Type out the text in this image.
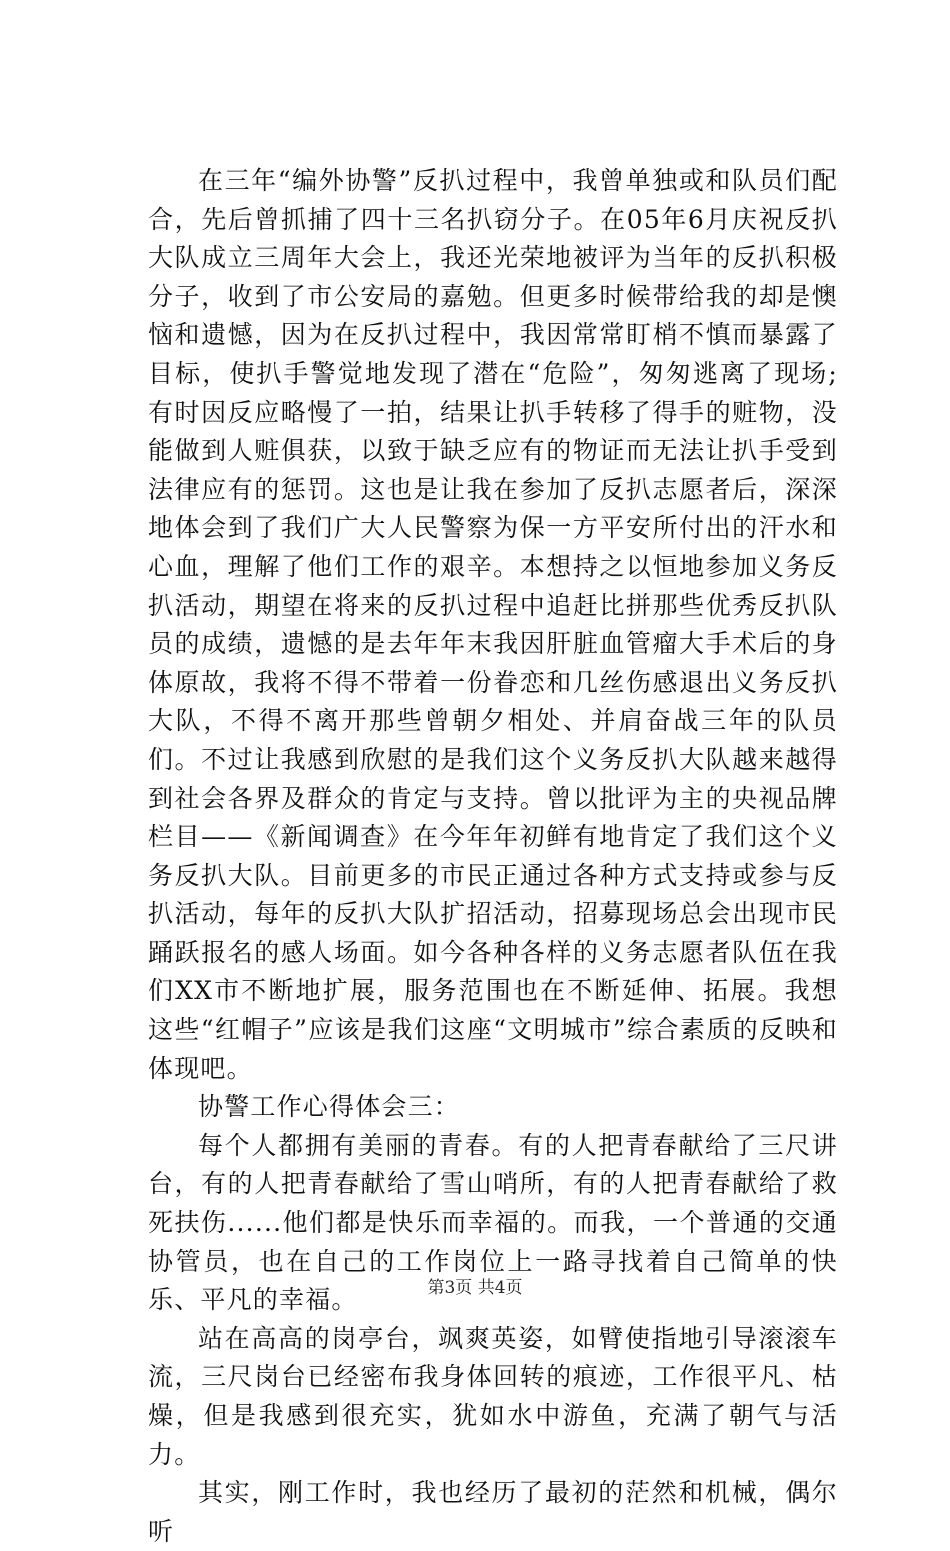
在三年“编外协警”反扒过程中，我曾单独或和队员们配合，先后曾抓捕了四十三名扒窃分子。在05年6月庆祝反扒大队成立三周年大会上，我还光荣地被评为当年的反扒积极分子，收到了市公安局的嘉勉。但更多时候带给我的却是懊恼和遗憾，因为在反扒过程中，我因常常盯梢不慎而暴露了目标，使扒手警觉地发现了潜在“危险”，匆匆逃离了现场;有时因反应略慢了一拍，结果让扒手转移了得手的赃物，没能做到人赃俱获，以致于缺乏应有的物证而无法让扒手受到法律应有的惩罚。这也是让我在参加了反扒志愿者后，深深地体会到了我们广大人民警察为保一方平安所付出的汗水和心血，理解了他们工作的艰辛。本想持之以恒地参加义务反扒活动，期望在将来的反扒过程中追赶比拼那些优秀反扒队员的成绩，遗憾的是去年年末我因肝脏血管瘤大手术后的身体原故，我将不得不带着一份眷恋和几丝伤感退出义务反扒大队，不得不离开那些曾朝夕相处、并肩奋战三年的队员们。不过让我感到欣慰的是我们这个义务反扒大队越来越得到社会各界及群众的肯定与支持。曾以批评为主的央视品牌栏目——《新闻调查》在今年年初鲜有地肯定了我们这个义务反扒大队。目前更多的市民正通过各种方式支持或参与反扒活动，每年的反扒大队扩招活动，招募现场总会出现市民踊跃报名的感人场面。如今各种各样的义务志愿者队伍在我们XX市不断地扩展，服务范围也在不断延伸、拓展。我想这些“红帽子”应该是我们这座“文明城市”综合素质的反映和体现吧。

协警工作心得体会三：

每个人都拥有美丽的青春。有的人把青春献给了三尺讲台，有的人把青春献给了雪山哨所，有的人把青春献给了救死扶伤......他们都是快乐而幸福的。而我，一个普通的交通协管员，也在自己的工作岗位上一路寻找着自己简单的快乐、平凡的幸福。

站在高高的岗亭台，飒爽英姿，如臂使指地引导滚滚车流，三尺岗台已经密布我身体回转的痕迹，工作很平凡、枯燥，但是我感到很充实，犹如水中游鱼，充满了朝气与活力。

其实，刚工作时，我也经历了最初的茫然和机械，偶尔听

第3页 共4页
